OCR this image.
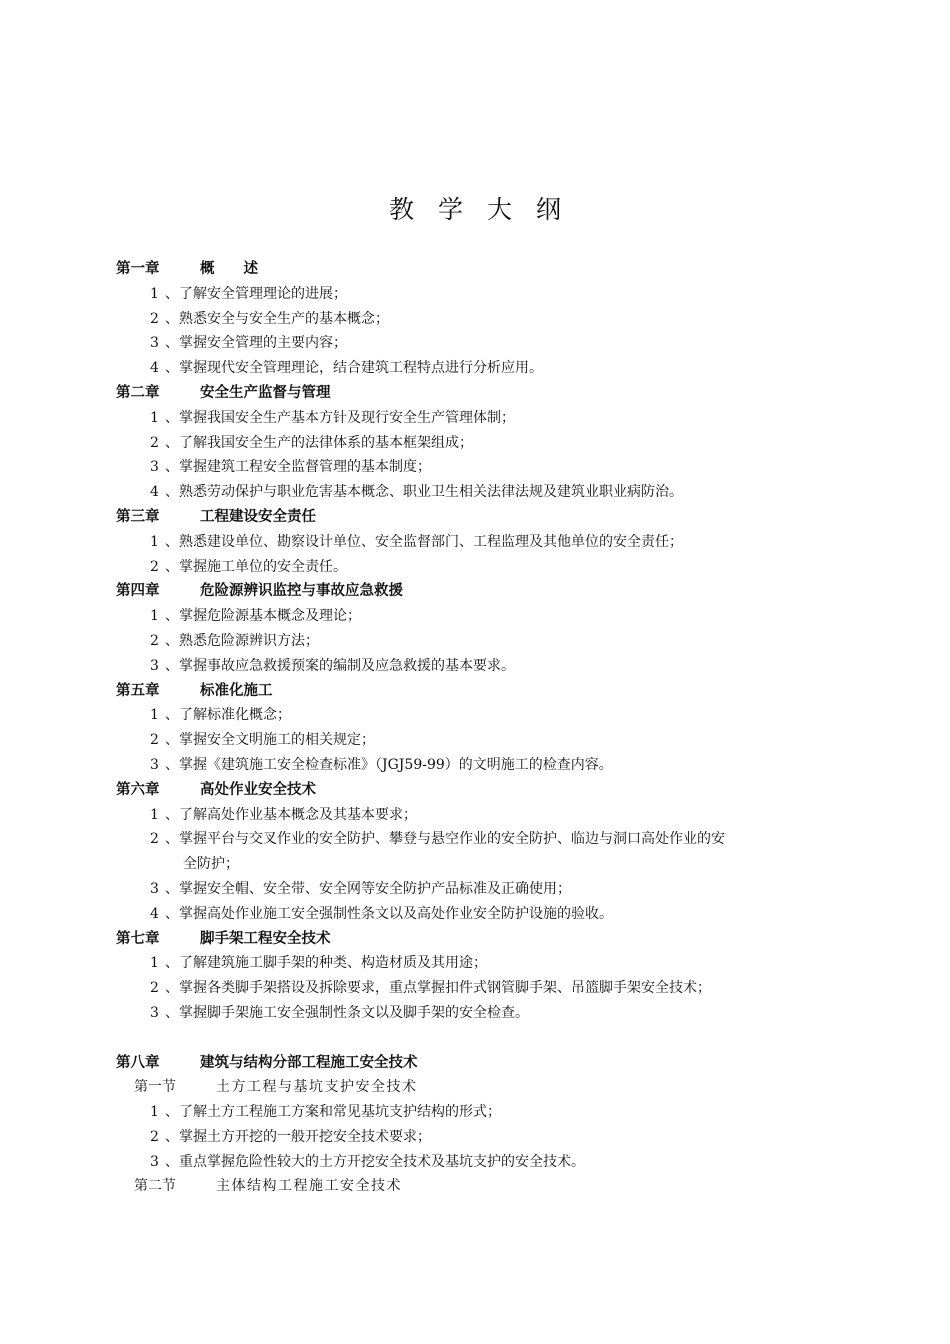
教学大纲
第一章	概　　述
1 、了解安全管理理论的进展；
2 、熟悉安全与安全生产的基本概念；
3 、掌握安全管理的主要内容；
4 、掌握现代安全管理理论，结合建筑工程特点进行分析应用。
第二章	安全生产监督与管理
1 、掌握我国安全生产基本方针及现行安全生产管理体制；
2 、了解我国安全生产的法律体系的基本框架组成；
3 、掌握建筑工程安全监督管理的基本制度；
4 、熟悉劳动保护与职业危害基本概念、职业卫生相关法律法规及建筑业职业病防治。
第三章	工程建设安全责任
1 、熟悉建设单位、勘察设计单位、安全监督部门、工程监理及其他单位的安全责任；
2 、掌握施工单位的安全责任。
第四章	危险源辨识监控与事故应急救援
1 、掌握危险源基本概念及理论；
2 、熟悉危险源辨识方法；
3 、掌握事故应急救援预案的编制及应急救援的基本要求。
第五章	标准化施工
1 、了解标准化概念；
2 、掌握安全文明施工的相关规定；
3 、掌握《建筑施工安全检查标准》（JGJ59-99）的文明施工的检查内容。
第六章	高处作业安全技术
1 、了解高处作业基本概念及其基本要求；
2 、掌握平台与交叉作业的安全防护、攀登与悬空作业的安全防护、临边与洞口高处作业的安
全防护；
3 、掌握安全帽、安全带、安全网等安全防护产品标准及正确使用；
4 、掌握高处作业施工安全强制性条文以及高处作业安全防护设施的验收。
第七章	脚手架工程安全技术
1 、了解建筑施工脚手架的种类、构造材质及其用途；
2 、掌握各类脚手架搭设及拆除要求，重点掌握扣件式钢管脚手架、吊篮脚手架安全技术；
3 、掌握脚手架施工安全强制性条文以及脚手架的安全检查。
第八章	建筑与结构分部工程施工安全技术
第一节	土方工程与基坑支护安全技术
1 、了解土方工程施工方案和常见基坑支护结构的形式；
2 、掌握土方开挖的一般开挖安全技术要求；
3 、重点掌握危险性较大的土方开挖安全技术及基坑支护的安全技术。
第二节	主体结构工程施工安全技术
